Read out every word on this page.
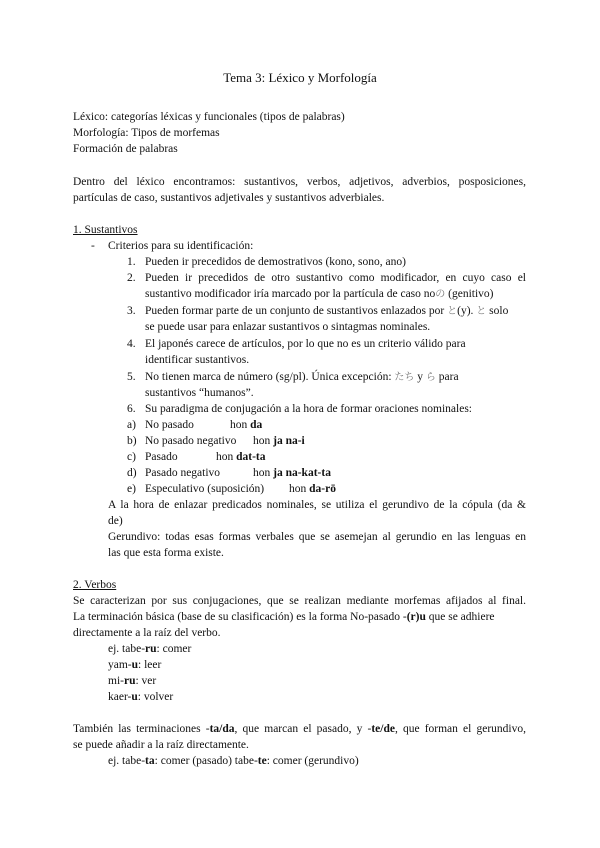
Tema 3: Léxico y Morfología
Léxico: categorías léxicas y funcionales (tipos de palabras)
Morfología: Tipos de morfemas
Formación de palabras
Dentro del léxico encontramos: sustantivos, verbos, adjetivos, adverbios, posposiciones,
partículas de caso, sustantivos adjetivales y sustantivos adverbiales.
1. Sustantivos
- Criterios para su identificación:
1. Pueden ir precedidos de demostrativos (kono, sono, ano)
2. Pueden ir precedidos de otro sustantivo como modificador, en cuyo caso el
sustantivo modificador iría marcado por la partícula de caso noの (genitivo)
3. Pueden formar parte de un conjunto de sustantivos enlazados por と(y). と solo
se puede usar para enlazar sustantivos o sintagmas nominales.
4. El japonés carece de artículos, por lo que no es un criterio válido para
identificar sustantivos.
5. No tienen marca de número (sg/pl). Única excepción: たち y ら para
sustantivos “humanos”.
6. Su paradigma de conjugación a la hora de formar oraciones nominales:
a) No pasado	hon da
b) No pasado negativo hon ja na-i
c) Pasado	hon dat-ta
d) Pasado negativo	hon ja na-kat-ta
e) Especulativo (suposición) hon da-rō
A la hora de enlazar predicados nominales, se utiliza el gerundivo de la cópula (da &
de)
Gerundivo: todas esas formas verbales que se asemejan al gerundio en las lenguas en
las que esta forma existe.
2. Verbos
Se caracterizan por sus conjugaciones, que se realizan mediante morfemas afijados al final.
La terminación básica (base de su clasificación) es la forma No-pasado -(r)u que se adhiere
directamente a la raíz del verbo.
ej. tabe-ru: comer
yam-u: leer
mi-ru: ver
kaer-u: volver
También las terminaciones -ta/da, que marcan el pasado, y -te/de, que forman el gerundivo,
se puede añadir a la raíz directamente.
ej. tabe-ta: comer (pasado) tabe-te: comer (gerundivo)
